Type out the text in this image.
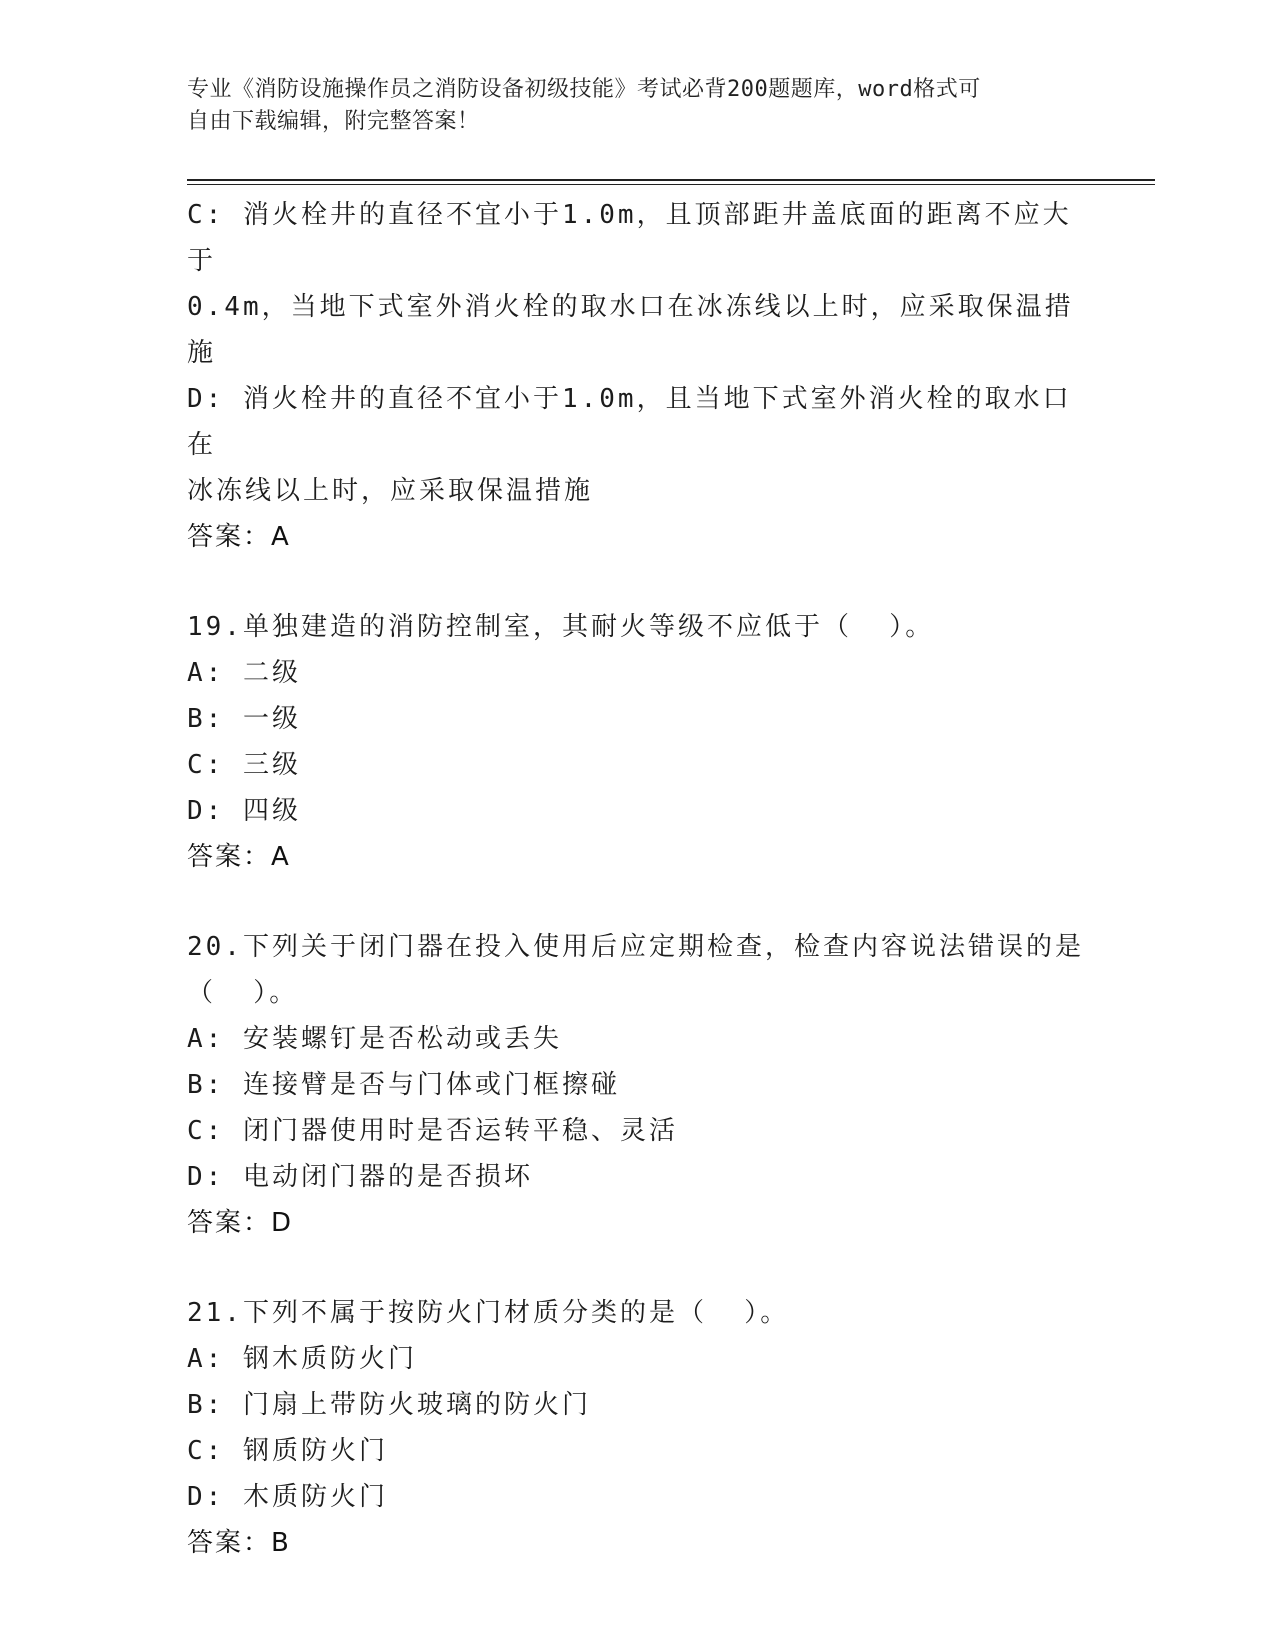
专业《消防设施操作员之消防设备初级技能》考试必背200题题库，word格式可
自由下载编辑，附完整答案！
C: 消火栓井的直径不宜小于1.0m，且顶部距井盖底面的距离不应大于
0.4m，当地下式室外消火栓的取水口在冰冻线以上时，应采取保温措
施
D: 消火栓井的直径不宜小于1.0m，且当地下式室外消火栓的取水口在
冰冻线以上时，应采取保温措施
答案：A
19.单独建造的消防控制室，其耐火等级不应低于（  ）。
A: 二级
B: 一级
C: 三级
D: 四级
答案：A
20.下列关于闭门器在投入使用后应定期检查，检查内容说法错误的是
（  ）。
A: 安装螺钉是否松动或丢失
B: 连接臂是否与门体或门框擦碰
C: 闭门器使用时是否运转平稳、灵活
D: 电动闭门器的是否损坏
答案：D
21.下列不属于按防火门材质分类的是（  ）。
A: 钢木质防火门
B: 门扇上带防火玻璃的防火门
C: 钢质防火门
D: 木质防火门
答案：B
